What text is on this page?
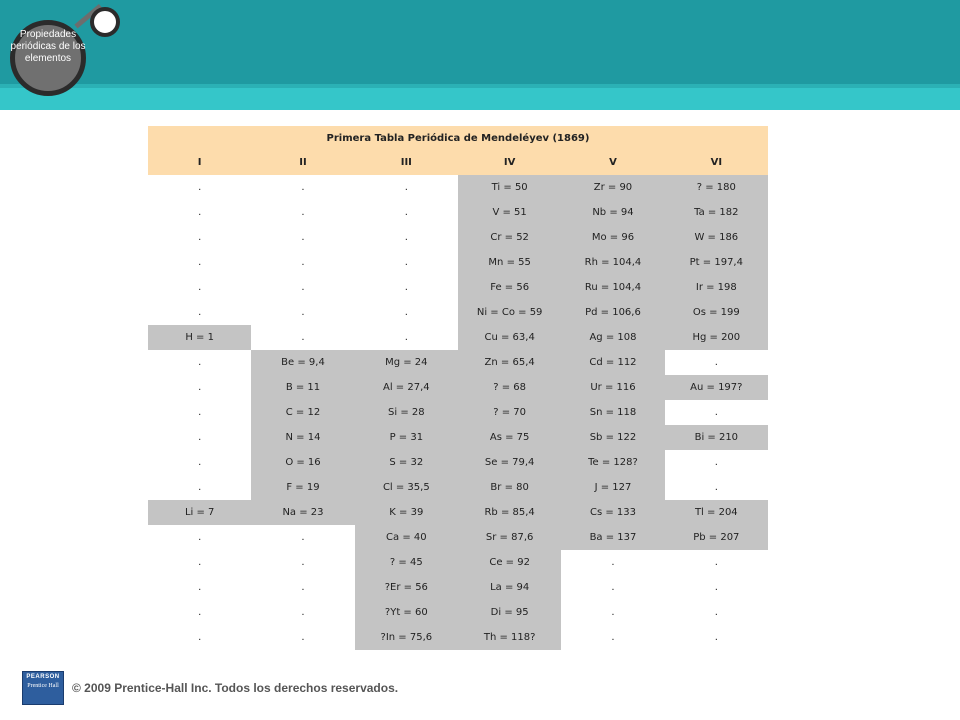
Propiedades periódicas de los elementos
Primera Tabla Periódica de Mendeléyev (1869)					
I	II	III	IV	V	VI
.	.	.	Ti = 50	Zr = 90	? = 180
.	.	.	V = 51	Nb = 94	Ta = 182
.	.	.	Cr = 52	Mo = 96	W = 186
.	.	.	Mn = 55	Rh = 104,4	Pt = 197,4
.	.	.	Fe = 56	Ru = 104,4	Ir = 198
.	.	.	Ni = Co = 59	Pd = 106,6	Os = 199
H = 1	.	.	Cu = 63,4	Ag = 108	Hg = 200
.	Be = 9,4	Mg = 24	Zn = 65,4	Cd = 112	.
.	B = 11	Al = 27,4	? = 68	Ur = 116	Au = 197?
.	C = 12	Si = 28	? = 70	Sn = 118	.
.	N = 14	P = 31	As = 75	Sb = 122	Bi = 210
.	O = 16	S = 32	Se = 79,4	Te = 128?	.
.	F = 19	Cl = 35,5	Br = 80	J = 127	.
Li = 7	Na = 23	K = 39	Rb = 85,4	Cs = 133	Tl = 204
.	.	Ca = 40	Sr = 87,6	Ba = 137	Pb = 207
.	.	? = 45	Ce = 92	.	.
.	.	?Er = 56	La = 94	.	.
.	.	?Yt = 60	Di = 95	.	.
.	.	?In = 75,6	Th = 118?	.	.
PEARSON
Prentice Hall	© 2009 Prentice-Hall Inc. Todos los derechos reservados.
